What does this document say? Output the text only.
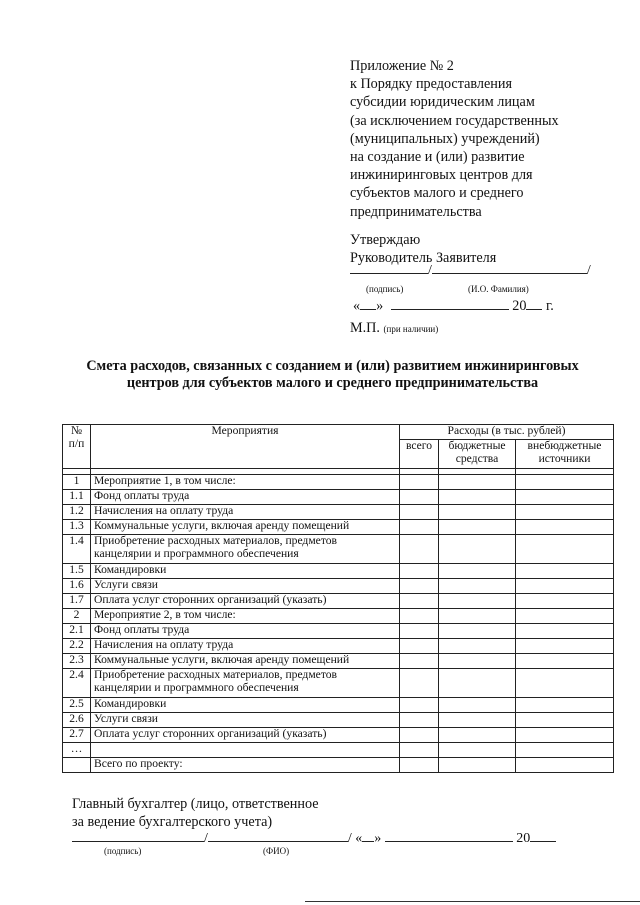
Приложение № 2
к Порядку предоставления
субсидии юридическим лицам
(за исключением государственных
(муниципальных) учреждений)
на создание и (или) развитие
инжиниринговых центров для
субъектов малого и среднего
предпринимательства
Утверждаю
Руководитель Заявителя
/	/
(подпись)	(И.О. Фамилия)
« »	20 г.
М.П. (при наличии)
Смета расходов, связанных с созданием и (или) развитием инжиниринговых центров для субъектов малого и среднего предпринимательства
№ п/п	Мероприятия	Расходы (в тыс. рублей)		
		всего	бюджетные средства	внебюджетные источники

1	Мероприятие 1, в том числе:			
1.1	Фонд оплаты труда			
1.2	Начисления на оплату труда			
1.3	Коммунальные услуги, включая аренду помещений			
1.4	Приобретение расходных материалов, предметов канцелярии и программного обеспечения			
1.5	Командировки			
1.6	Услуги связи			
1.7	Оплата услуг сторонних организаций (указать)			
2	Мероприятие 2, в том числе:			
2.1	Фонд оплаты труда			
2.2	Начисления на оплату труда			
2.3	Коммунальные услуги, включая аренду помещений			
2.4	Приобретение расходных материалов, предметов канцелярии и программного обеспечения			
2.5	Командировки			
2.6	Услуги связи			
2.7	Оплата услуг сторонних организаций (указать)			
…				
	Всего по проекту:			
Главный бухгалтер (лицо, ответственное
за ведение бухгалтерского учета)
/	/ « »	20
(подпись)	(ФИО)
